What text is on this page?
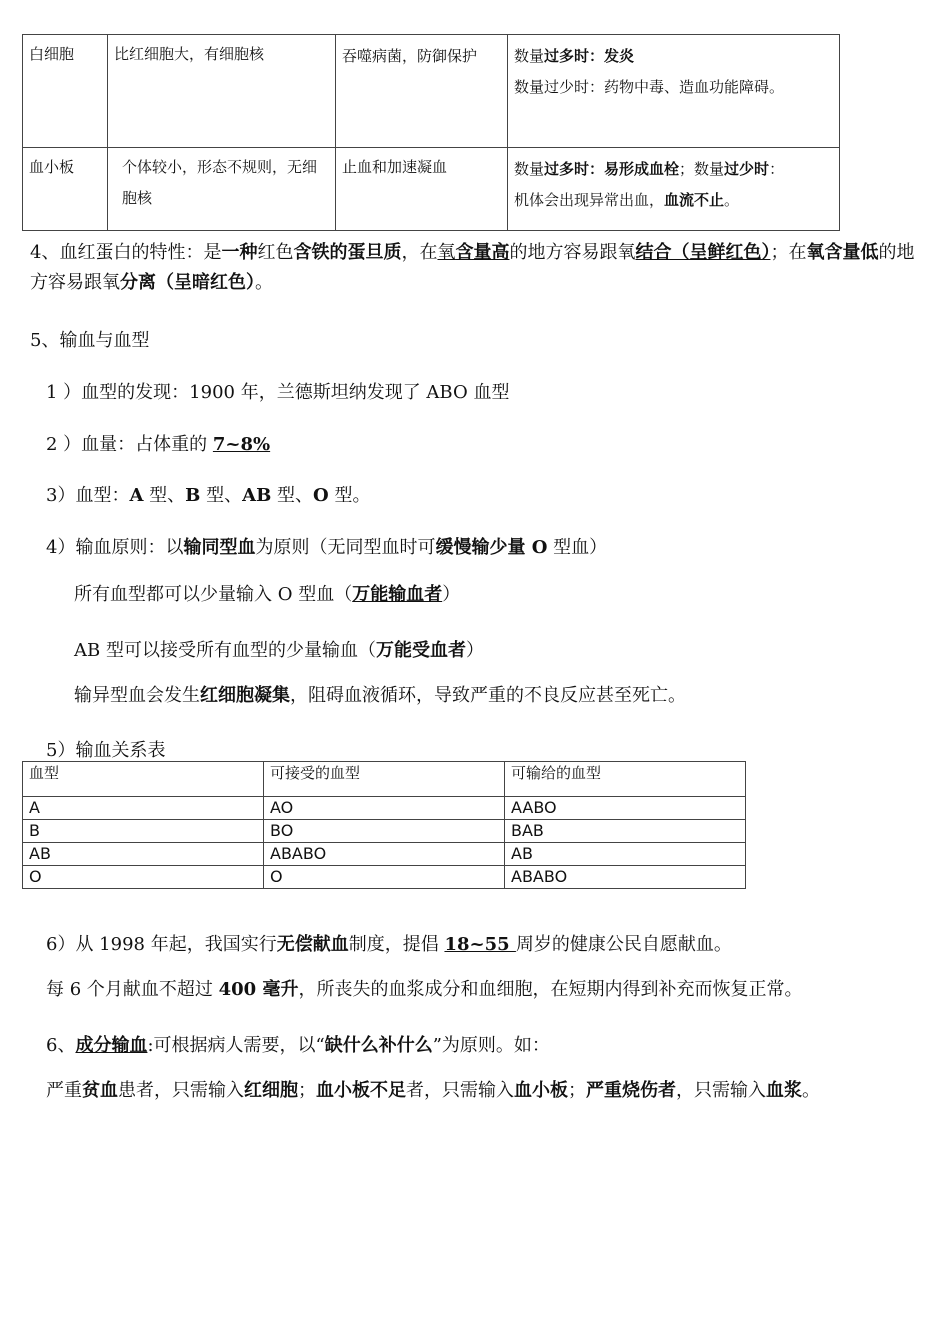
白细胞	比红细胞大，有细胞核	吞噬病菌，防御保护	数量过多时：发炎
数量过少时：药物中毒、造血功能障碍。

血小板	个体较小，形态不规则，无细胞核	止血和加速凝血	数量过多时：易形成血栓；数量过少时：
机体会出现异常出血，血流不止。
4、血红蛋白的特性：是一种红色含铁的蛋旦质，在氧含量高的地方容易跟氧结合（呈鲜红色）；在氧含量低的地方容易跟氧分离（呈暗红色）。
5、输血与血型
1 ）血型的发现：1900 年，兰德斯坦纳发现了 ABO 血型
2 ）血量：占体重的 7~8%
3）血型：A 型、B 型、AB 型、O 型。
4）输血原则：以输同型血为原则（无同型血时可缓慢输少量 O 型血）
所有血型都可以少量输入 O 型血（万能输血者）
AB 型可以接受所有血型的少量输血（万能受血者）
输异型血会发生红细胞凝集，阻碍血液循环，导致严重的不良反应甚至死亡。
5）输血关系表
血型	可接受的血型	可输给的血型
A	AO	AABO
B	BO	BAB
AB	ABABO	AB
O	O	ABABO
6）从 1998 年起，我国实行无偿献血制度，提倡 18~55 周岁的健康公民自愿献血。
每 6 个月献血不超过 400 毫升，所丧失的血浆成分和血细胞，在短期内得到补充而恢复正常。
6、成分输血:可根据病人需要，以“缺什么补什么”为原则。如：
严重贫血患者，只需输入红细胞；血小板不足者，只需输入血小板；严重烧伤者，只需输入血浆。
